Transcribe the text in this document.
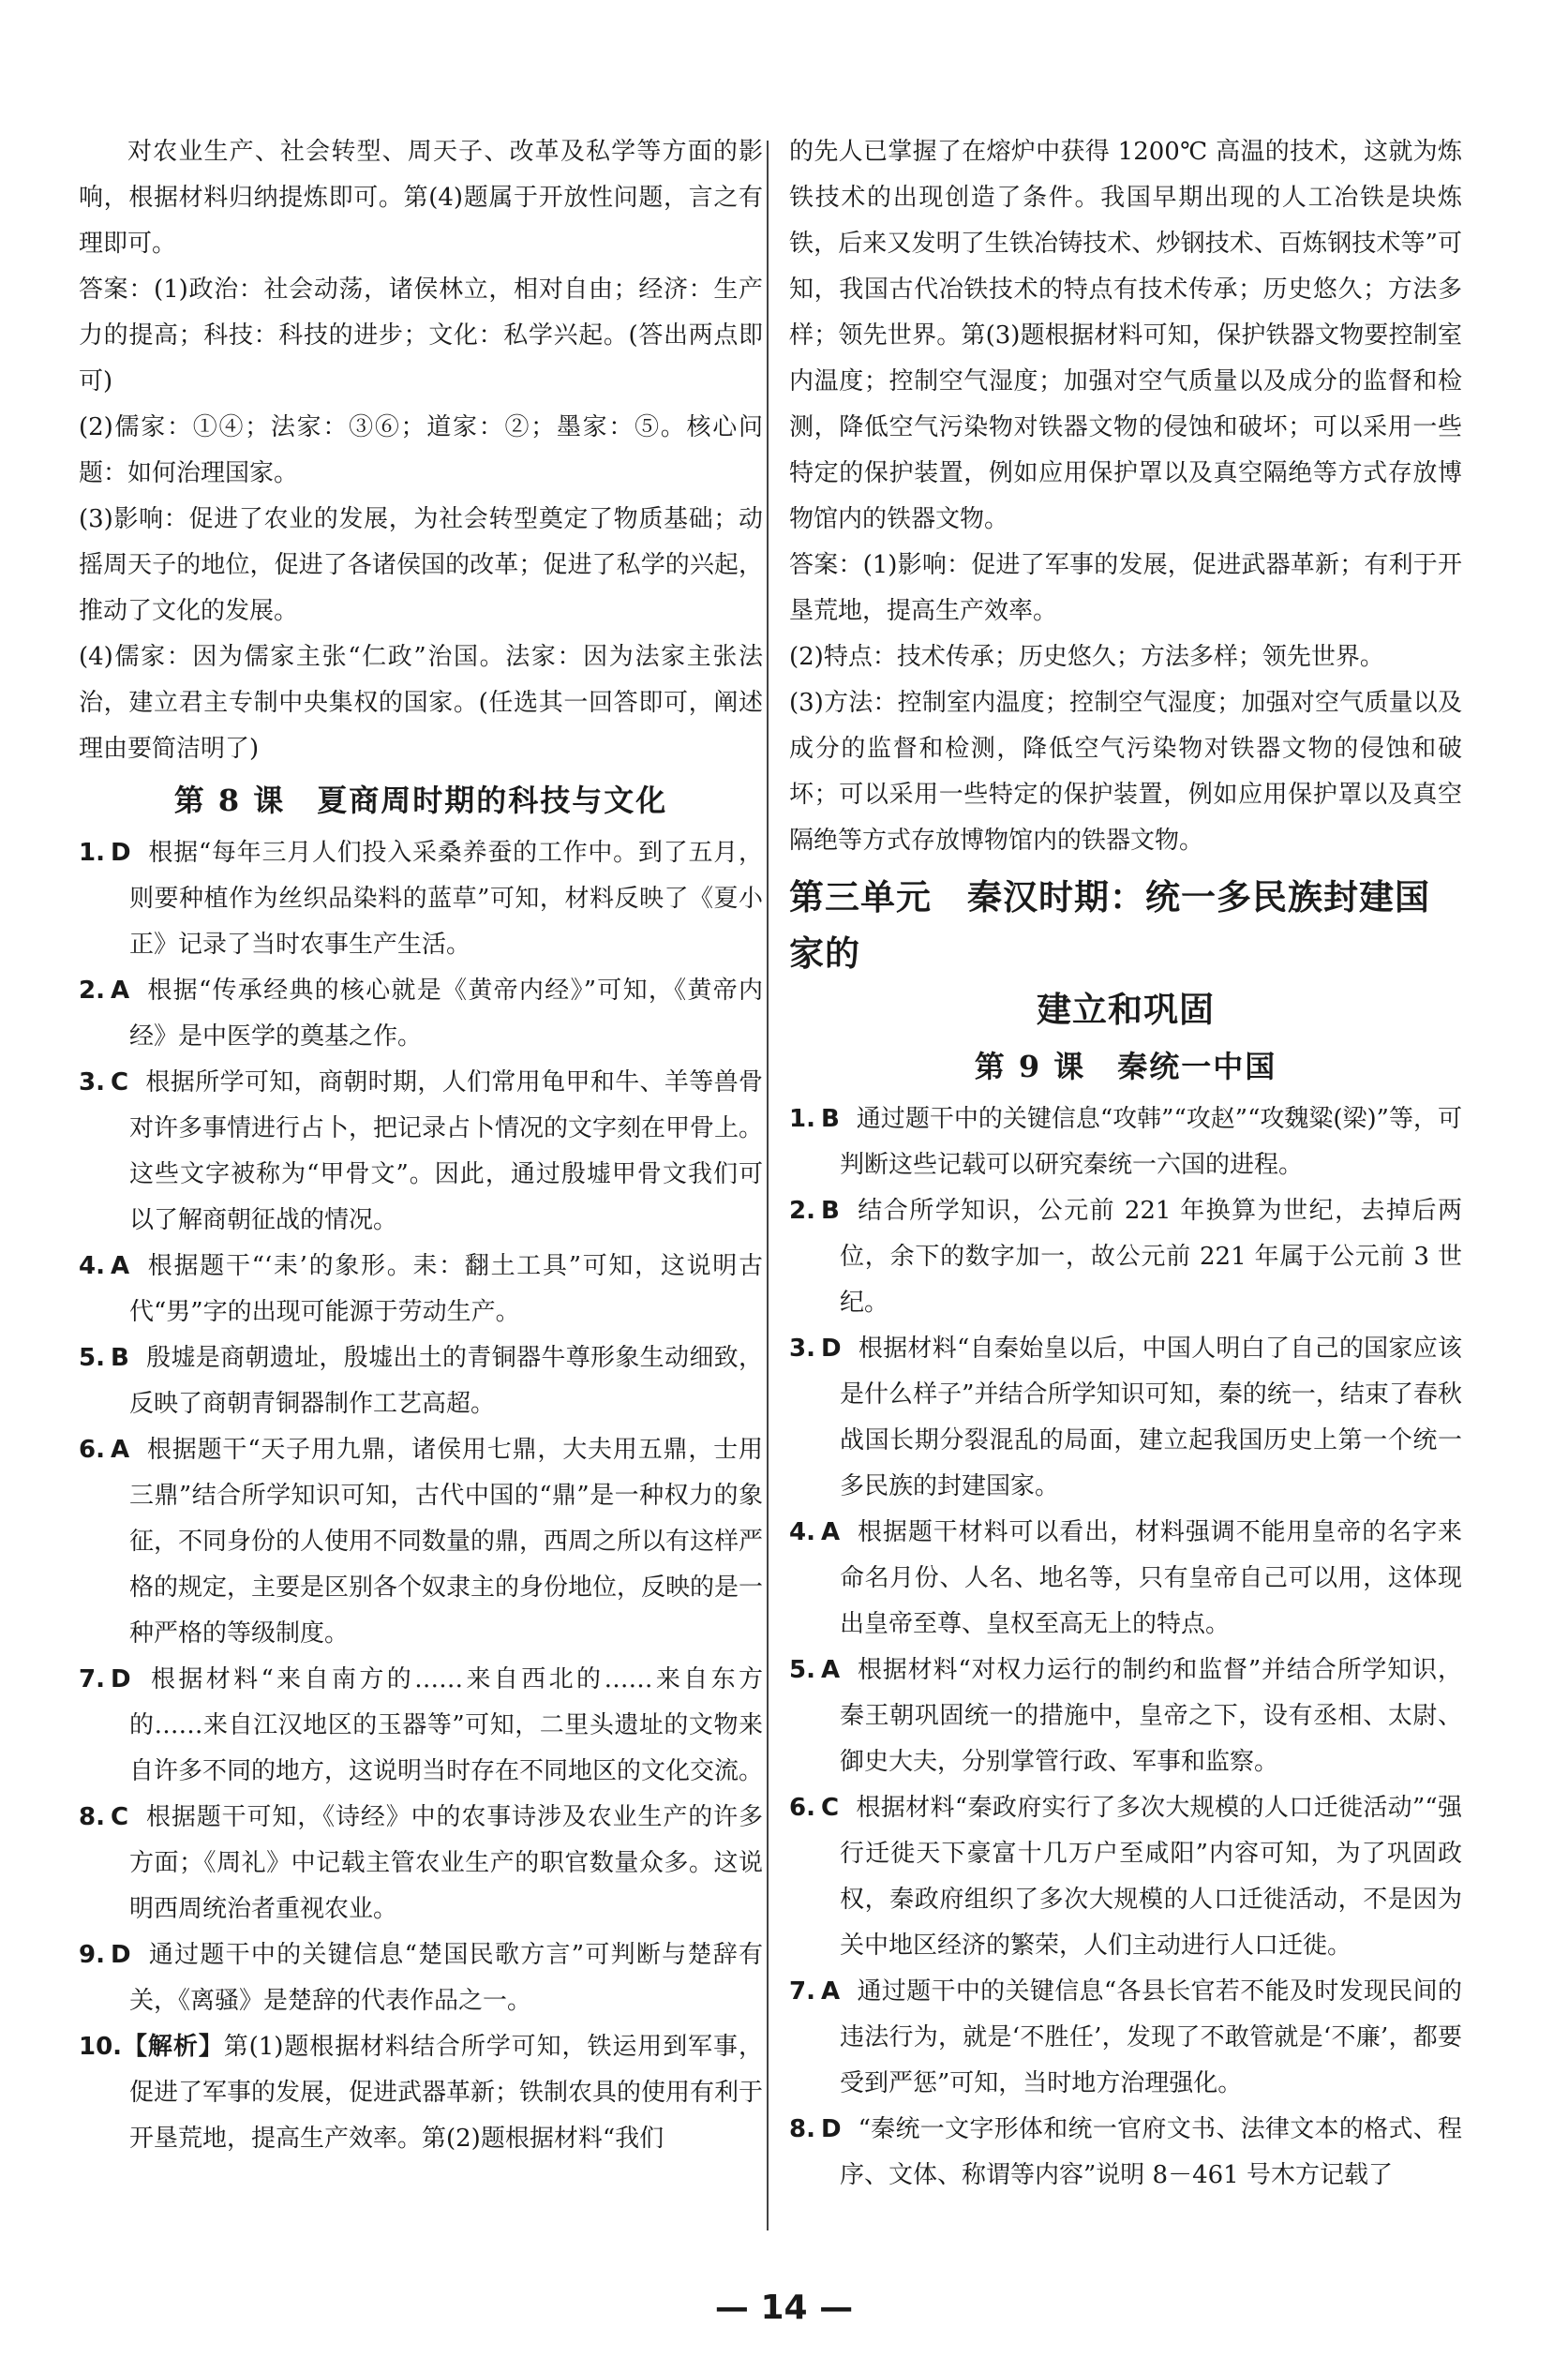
对农业生产、社会转型、周天子、改革及私学等方面的影响，根据材料归纳提炼即可。第(4)题属于开放性问题，言之有理即可。

答案：(1)政治：社会动荡，诸侯林立，相对自由；经济：生产力的提高；科技：科技的进步；文化：私学兴起。(答出两点即可)

(2)儒家：①④；法家：③⑥；道家：②；墨家：⑤。核心问题：如何治理国家。

(3)影响：促进了农业的发展，为社会转型奠定了物质基础；动摇周天子的地位，促进了各诸侯国的改革；促进了私学的兴起，推动了文化的发展。

(4)儒家：因为儒家主张“仁政”治国。法家：因为法家主张法治，建立君主专制中央集权的国家。(任选其一回答即可，阐述理由要简洁明了)

第 8 课　夏商周时期的科技与文化

1. D 根据“每年三月人们投入采桑养蚕的工作中。到了五月，则要种植作为丝织品染料的蓝草”可知，材料反映了《夏小正》记录了当时农事生产生活。

2. A 根据“传承经典的核心就是《黄帝内经》”可知，《黄帝内经》是中医学的奠基之作。

3. C 根据所学可知，商朝时期，人们常用龟甲和牛、羊等兽骨对许多事情进行占卜，把记录占卜情况的文字刻在甲骨上。这些文字被称为“甲骨文”。因此，通过殷墟甲骨文我们可以了解商朝征战的情况。

4. A 根据题干“‘耒’的象形。耒：翻土工具”可知，这说明古代“男”字的出现可能源于劳动生产。

5. B 殷墟是商朝遗址，殷墟出土的青铜器牛尊形象生动细致，反映了商朝青铜器制作工艺高超。

6. A 根据题干“天子用九鼎，诸侯用七鼎，大夫用五鼎，士用三鼎”结合所学知识可知，古代中国的“鼎”是一种权力的象征，不同身份的人使用不同数量的鼎，西周之所以有这样严格的规定，主要是区别各个奴隶主的身份地位，反映的是一种严格的等级制度。

7. D 根据材料“来自南方的……来自西北的……来自东方的……来自江汉地区的玉器等”可知，二里头遗址的文物来自许多不同的地方，这说明当时存在不同地区的文化交流。

8. C 根据题干可知，《诗经》中的农事诗涉及农业生产的许多方面；《周礼》中记载主管农业生产的职官数量众多。这说明西周统治者重视农业。

9. D 通过题干中的关键信息“楚国民歌方言”可判断与楚辞有关，《离骚》是楚辞的代表作品之一。

10.【解析】第(1)题根据材料结合所学可知，铁运用到军事，促进了军事的发展，促进武器革新；铁制农具的使用有利于开垦荒地，提高生产效率。第(2)题根据材料“我们

的先人已掌握了在熔炉中获得 1200℃ 高温的技术，这就为炼铁技术的出现创造了条件。我国早期出现的人工冶铁是块炼铁，后来又发明了生铁冶铸技术、炒钢技术、百炼钢技术等”可知，我国古代冶铁技术的特点有技术传承；历史悠久；方法多样；领先世界。第(3)题根据材料可知，保护铁器文物要控制室内温度；控制空气湿度；加强对空气质量以及成分的监督和检测，降低空气污染物对铁器文物的侵蚀和破坏；可以采用一些特定的保护装置，例如应用保护罩以及真空隔绝等方式存放博物馆内的铁器文物。

答案：(1)影响：促进了军事的发展，促进武器革新；有利于开垦荒地，提高生产效率。

(2)特点：技术传承；历史悠久；方法多样；领先世界。

(3)方法：控制室内温度；控制空气湿度；加强对空气质量以及成分的监督和检测，降低空气污染物对铁器文物的侵蚀和破坏；可以采用一些特定的保护装置，例如应用保护罩以及真空隔绝等方式存放博物馆内的铁器文物。

第三单元　秦汉时期：统一多民族封建国家的
建立和巩固
第 9 课　秦统一中国

1. B 通过题干中的关键信息“攻韩”“攻赵”“攻魏粱(梁)”等，可判断这些记载可以研究秦统一六国的进程。

2. B 结合所学知识，公元前 221 年换算为世纪，去掉后两位，余下的数字加一，故公元前 221 年属于公元前 3 世纪。

3. D 根据材料“自秦始皇以后，中国人明白了自己的国家应该是什么样子”并结合所学知识可知，秦的统一，结束了春秋战国长期分裂混乱的局面，建立起我国历史上第一个统一多民族的封建国家。

4. A 根据题干材料可以看出，材料强调不能用皇帝的名字来命名月份、人名、地名等，只有皇帝自己可以用，这体现出皇帝至尊、皇权至高无上的特点。

5. A 根据材料“对权力运行的制约和监督”并结合所学知识，秦王朝巩固统一的措施中，皇帝之下，设有丞相、太尉、御史大夫，分别掌管行政、军事和监察。

6. C 根据材料“秦政府实行了多次大规模的人口迁徙活动”“强行迁徙天下豪富十几万户至咸阳”内容可知，为了巩固政权，秦政府组织了多次大规模的人口迁徙活动，不是因为关中地区经济的繁荣，人们主动进行人口迁徙。

7. A 通过题干中的关键信息“各县长官若不能及时发现民间的违法行为，就是‘不胜任’，发现了不敢管就是‘不廉’，都要受到严惩”可知，当时地方治理强化。

8. D “秦统一文字形体和统一官府文书、法律文本的格式、程序、文体、称谓等内容”说明 8－461 号木方记载了

— 14 —
